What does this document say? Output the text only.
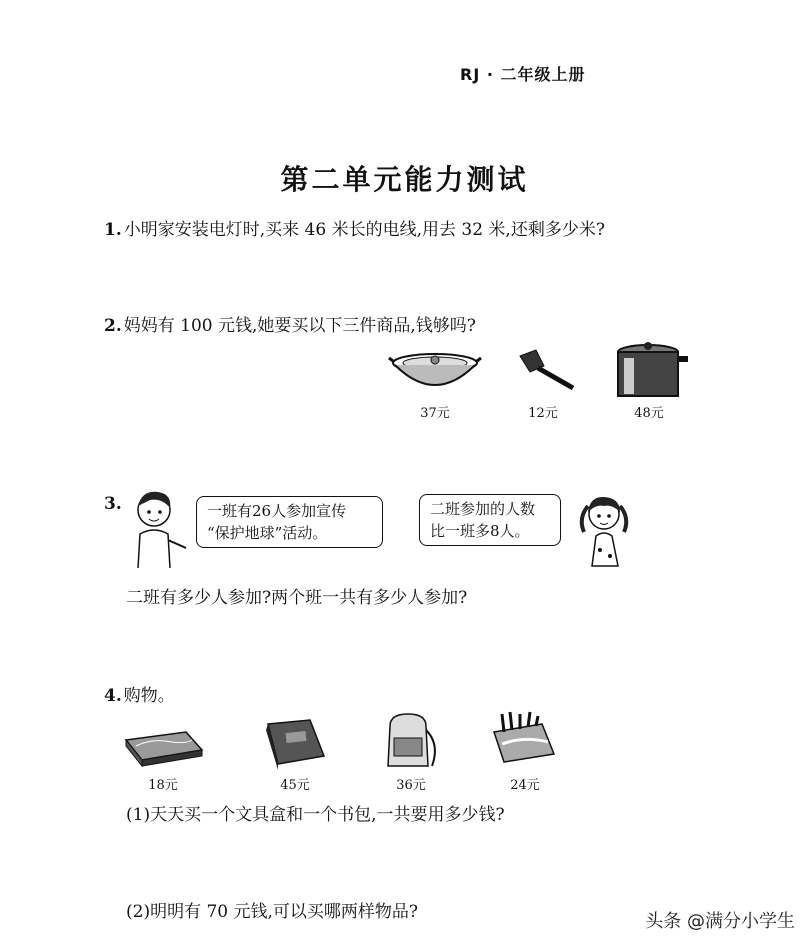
RJ · 二年级上册
第二单元能力测试
1. 小明家安装电灯时,买来 46 米长的电线,用去 32 米,还剩多少米?
2. 妈妈有 100 元钱,她要买以下三件商品,钱够吗?
37元	12元	48元
3.	一班有26人参加宣传
“保护地球”活动。
二班参加的人数
比一班多8人。
二班有多少人参加?两个班一共有多少人参加?
4. 购物。
18元	45元	36元	24元
(1)天天买一个文具盒和一个书包,一共要用多少钱?
(2)明明有 70 元钱,可以买哪两样物品?	头条 @满分小学生
